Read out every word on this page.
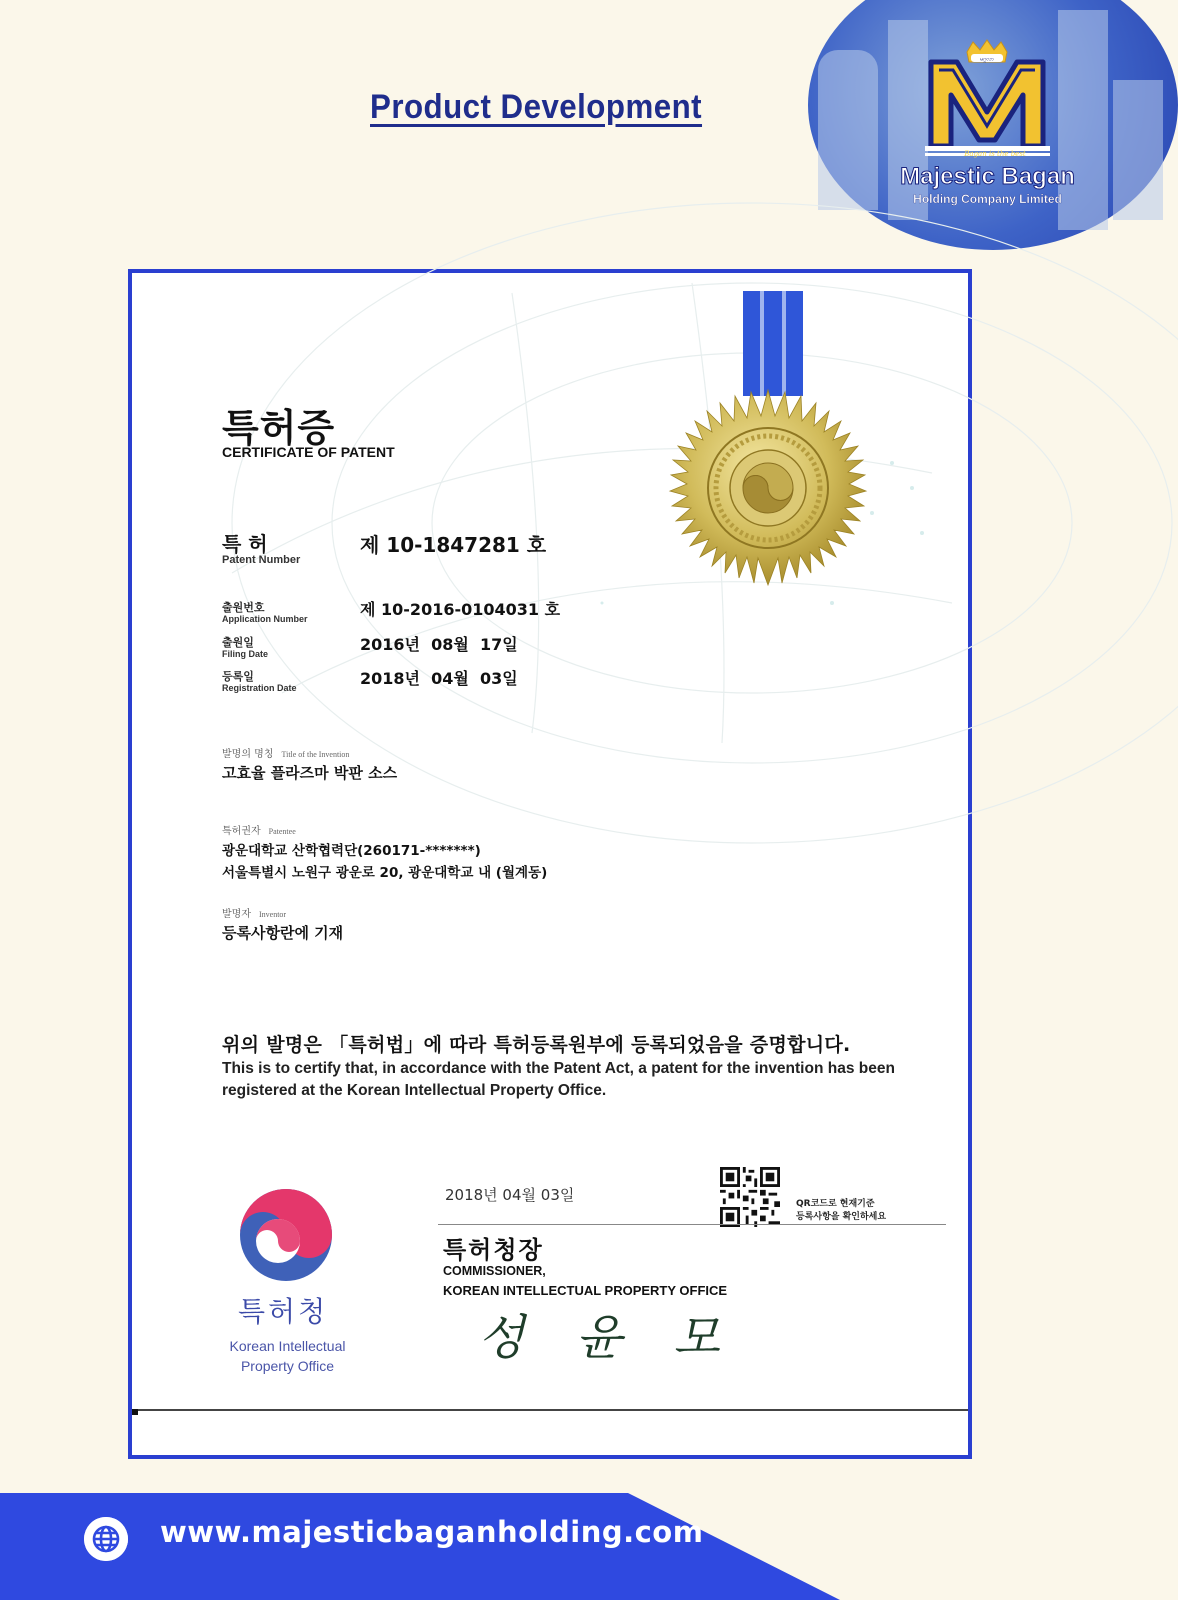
Product Development
မဂ္ဂလာ
Bagan is the best
Majestic Bagan
Holding Company Limited
특허증
CERTIFICATE OF PATENT
특 허
Patent Number
제 10-1847281 호
출원번호
Application Number	제 10-2016-0104031 호
출원일
Filing Date	2016년  08월  17일
등록일
Registration Date	2018년  04월  03일
발명의 명칭 Title of the Invention
고효율 플라즈마 박판 소스
특허권자 Patentee
광운대학교 산학협력단(260171-*******)
서울특별시 노원구 광운로 20, 광운대학교 내 (월계동)
발명자 Inventor
등록사항란에 기재
위의 발명은 「특허법」에 따라 특허등록원부에 등록되었음을 증명합니다.
This is to certify that, in accordance with the Patent Act, a patent for the invention has been registered at the Korean Intellectual Property Office.
2018년 04월 03일	QR코드로 현재기준
등록사항을 확인하세요
특허청장
COMMISSIONER,
KOREAN INTELLECTUAL PROPERTY OFFICE
성 윤 모
특허청
Korean Intellectual
Property Office
www.majesticbaganholding.com
